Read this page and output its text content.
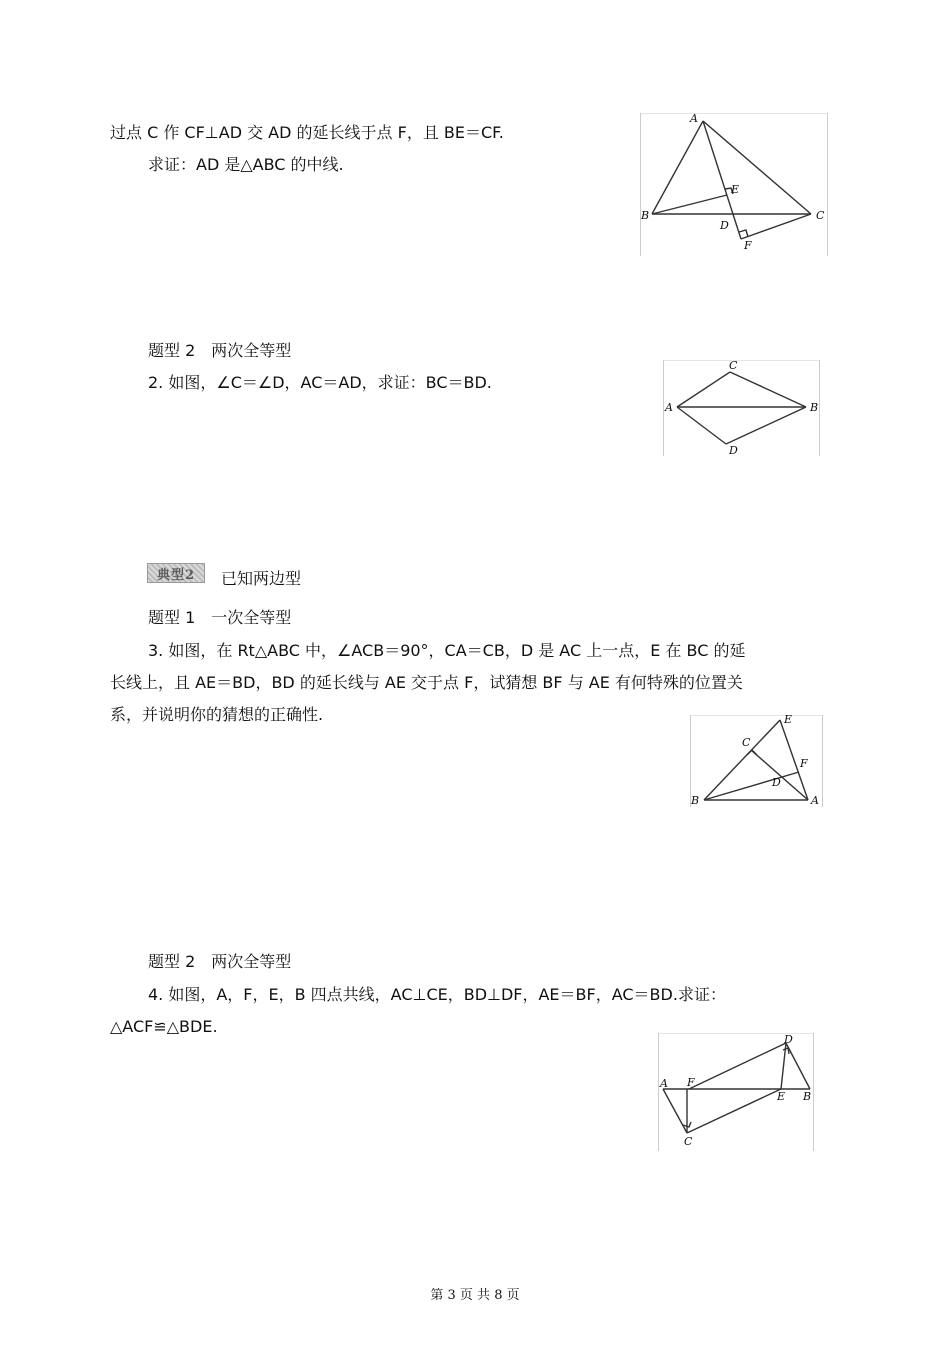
过点 C 作 CF⊥AD 交 AD 的延长线于点 F，且 BE＝CF.
求证：AD 是△ABC 的中线.
A
B	C
D
E
F
题型 2　两次全等型
2. 如图，∠C＝∠D，AC＝AD，求证：BC＝BD.
A	B
C
D
典型2	已知两边型
题型 1　一次全等型
3. 如图，在 Rt△ABC 中，∠ACB＝90°，CA＝CB，D 是 AC 上一点，E 在 BC 的延
长线上，且 AE＝BD，BD 的延长线与 AE 交于点 F，试猜想 BF 与 AE 有何特殊的位置关
系，并说明你的猜想的正确性.
A
B
C
D
E
F
题型 2　两次全等型
4. 如图，A，F，E，B 四点共线，AC⊥CE，BD⊥DF，AE＝BF，AC＝BD.求证：
△ACF≌△BDE.
A F
E B
C
D
第 3 页 共 8 页
